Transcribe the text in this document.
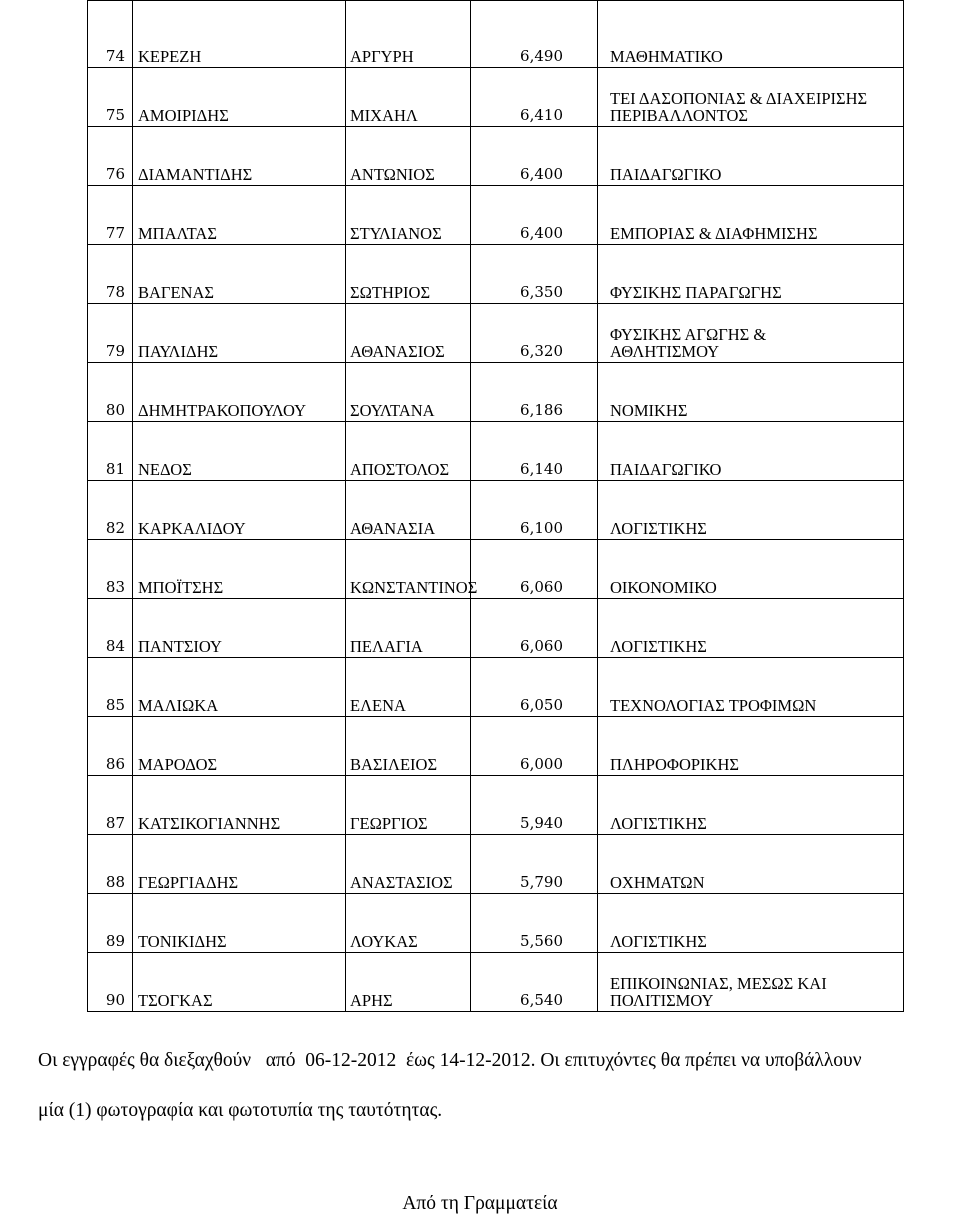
74	ΚΕΡΕΖΗ	ΑΡΓΥΡΗ	6,490	ΜΑΘΗΜΑΤΙΚΟ

75	ΑΜΟΙΡΙΔΗΣ	ΜΙΧΑΗΛ	6,410	ΤΕΙ ΔΑΣΟΠΟΝΙΑΣ & ΔΙΑΧΕΙΡΙΣΗΣ
ΠΕΡΙΒΑΛΛΟΝΤΟΣ

76	ΔΙΑΜΑΝΤΙΔΗΣ	ΑΝΤΩΝΙΟΣ	6,400	ΠΑΙΔΑΓΩΓΙΚΟ

77	ΜΠΑΛΤΑΣ	ΣΤΥΛΙΑΝΟΣ	6,400	ΕΜΠΟΡΙΑΣ & ΔΙΑΦΗΜΙΣΗΣ

78	ΒΑΓΕΝΑΣ	ΣΩΤΗΡΙΟΣ	6,350	ΦΥΣΙΚΗΣ ΠΑΡΑΓΩΓΗΣ

79	ΠΑΥΛΙΔΗΣ	ΑΘΑΝΑΣΙΟΣ	6,320	ΦΥΣΙΚΗΣ ΑΓΩΓΗΣ &
ΑΘΛΗΤΙΣΜΟΥ

80	ΔΗΜΗΤΡΑΚΟΠΟΥΛΟΥ	ΣΟΥΛΤΑΝΑ	6,186	ΝΟΜΙΚΗΣ

81	ΝΕΔΟΣ	ΑΠΟΣΤΟΛΟΣ	6,140	ΠΑΙΔΑΓΩΓΙΚΟ

82	ΚΑΡΚΑΛΙΔΟΥ	ΑΘΑΝΑΣΙΑ	6,100	ΛΟΓΙΣΤΙΚΗΣ

83	ΜΠΟΪΤΣΗΣ	ΚΩΝΣΤΑΝΤΙΝΟΣ	6,060	ΟΙΚΟΝΟΜΙΚΟ

84	ΠΑΝΤΣΙΟΥ	ΠΕΛΑΓΙΑ	6,060	ΛΟΓΙΣΤΙΚΗΣ

85	ΜΑΛΙΩΚΑ	ΕΛΕΝΑ	6,050	ΤΕΧΝΟΛΟΓΙΑΣ ΤΡΟΦΙΜΩΝ

86	ΜΑΡΟΔΟΣ	ΒΑΣΙΛΕΙΟΣ	6,000	ΠΛΗΡΟΦΟΡΙΚΗΣ

87	ΚΑΤΣΙΚΟΓΙΑΝΝΗΣ	ΓΕΩΡΓΙΟΣ	5,940	ΛΟΓΙΣΤΙΚΗΣ

88	ΓΕΩΡΓΙΑΔΗΣ	ΑΝΑΣΤΑΣΙΟΣ	5,790	ΟΧΗΜΑΤΩΝ

89	ΤΟΝΙΚΙΔΗΣ	ΛΟΥΚΑΣ	5,560	ΛΟΓΙΣΤΙΚΗΣ

90	ΤΣΟΓΚΑΣ	ΑΡΗΣ	6,540	ΕΠΙΚΟΙΝΩΝΙΑΣ, ΜΕΣΩΣ ΚΑΙ
ΠΟΛΙΤΙΣΜΟΥ
Οι εγγραφές θα διεξαχθούν   από  06-12-2012  έως 14-12-2012. Οι επιτυχόντες θα πρέπει να υποβάλλουν
μία (1) φωτογραφία και φωτοτυπία της ταυτότητας.
Από τη Γραμματεία
